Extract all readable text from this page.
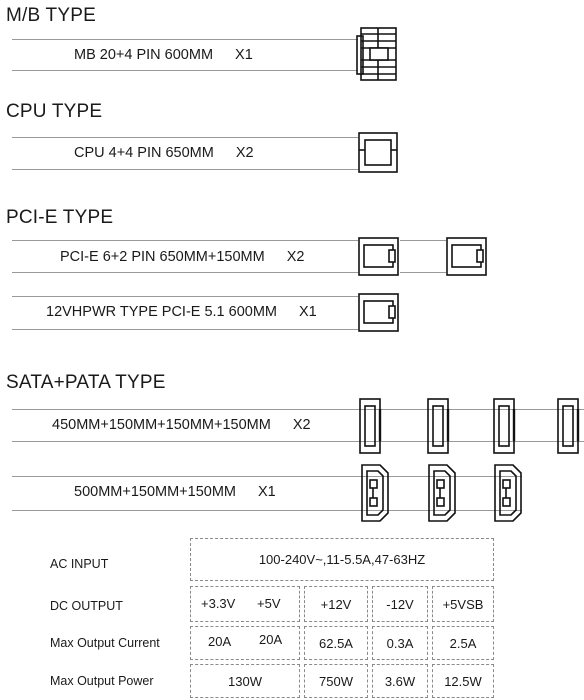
M/B TYPE
MB 20+4 PIN 600MM X1
CPU TYPE
CPU 4+4 PIN 650MM X2
PCI-E TYPE
PCI-E 6+2 PIN 650MM+150MM X2
12VHPWR TYPE PCI-E 5.1 600MM X1
SATA+PATA TYPE
450MM+150MM+150MM+150MM X2
500MM+150MM+150MM X1
AC INPUT
DC OUTPUT
Max Output Current
Max Output Power
100-240V~,11-5.5A,47-63HZ
+3.3V +5V
20A 20A
130W
+12V
62.5A
750W
-12V
0.3A
3.6W
+5VSB
2.5A
12.5W
